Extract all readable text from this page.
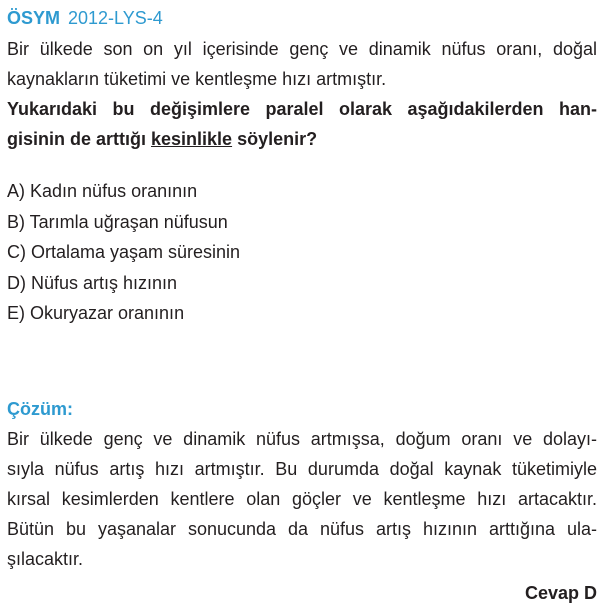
ÖSYM 2012-LYS-4
Bir ülkede son on yıl içerisinde genç ve dinamik nüfus oranı, doğal
kaynakların tüketimi ve kentleşme hızı artmıştır.
Yukarıdaki bu değişimlere paralel olarak aşağıdakilerden han-
gisinin de arttığı kesinlikle söylenir?
A) Kadın nüfus oranının
B) Tarımla uğraşan nüfusun
C) Ortalama yaşam süresinin
D) Nüfus artış hızının
E) Okuryazar oranının
Çözüm:
Bir ülkede genç ve dinamik nüfus artmışsa, doğum oranı ve dolayı-
sıyla nüfus artış hızı artmıştır. Bu durumda doğal kaynak tüketimiyle
kırsal kesimlerden kentlere olan göçler ve kentleşme hızı artacaktır.
Bütün bu yaşanalar sonucunda da nüfus artış hızının arttığına ula-
şılacaktır.
Cevap D
